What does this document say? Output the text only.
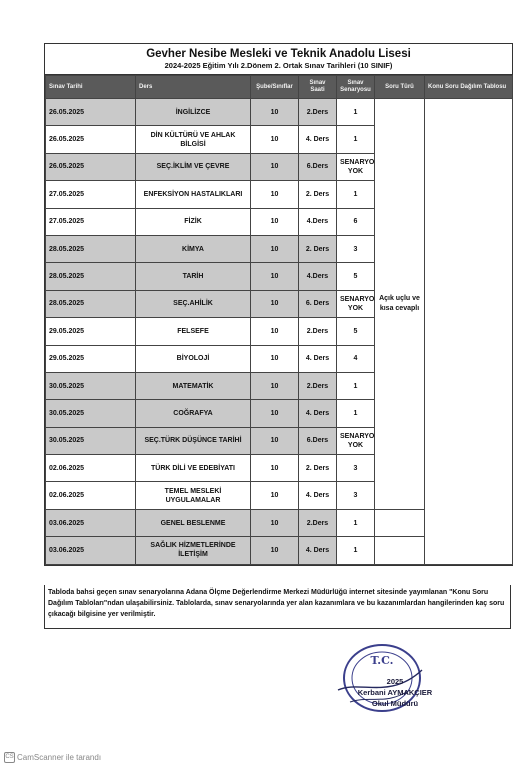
Gevher Nesibe Mesleki ve Teknik Anadolu Lisesi
2024-2025 Eğitim Yılı 2.Dönem 2. Ortak Sınav Tarihleri (10 SINIF)
Sınav Tarihi	Ders	Şube/Sınıflar	Sınav Saati	Sınav Senaryosu	Soru Türü	Konu Soru Dağılım Tablosu
26.05.2025	İNGİLİZCE	10	2.Ders	1	Açık uçlu ve kısa cevaplı	
26.05.2025	DİN KÜLTÜRÜ VE AHLAK BİLGİSİ	10	4. Ders	1		
26.05.2025	SEÇ.İKLİM VE ÇEVRE	10	6.Ders	SENARYO YOK		
27.05.2025	ENFEKSİYON HASTALIKLARI	10	2. Ders	1		
27.05.2025	FİZİK	10	4.Ders	6		
28.05.2025	KİMYA	10	2. Ders	3		
28.05.2025	TARİH	10	4.Ders	5		
28.05.2025	SEÇ.AHİLİK	10	6. Ders	SENARYO YOK		
29.05.2025	FELSEFE	10	2.Ders	5		
29.05.2025	BİYOLOJİ	10	4. Ders	4		
30.05.2025	MATEMATİK	10	2.Ders	1		
30.05.2025	COĞRAFYA	10	4. Ders	1		
30.05.2025	SEÇ.TÜRK DÜŞÜNCE TARİHİ	10	6.Ders	SENARYO YOK		
02.06.2025	TÜRK DİLİ VE EDEBİYATI	10	2. Ders	3		
02.06.2025	TEMEL MESLEKİ UYGULAMALAR	10	4. Ders	3		
03.06.2025	GENEL BESLENME	10	2.Ders	1		
03.06.2025	SAĞLIK HİZMETLERİNDE İLETİŞİM	10	4. Ders	1		
Tabloda bahsi geçen sınav senaryolarına Adana Ölçme Değerlendirme Merkezi Müdürlüğü internet sitesinde yayımlanan "Konu Soru Dağılım Tabloları"ndan ulaşabilirsiniz. Tablolarda, sınav senaryolarında yer alan kazanımlara ve bu kazanımlardan hangilerinden kaç soru çıkacağı bilgisine yer verilmiştir.
T.C.
2025
Kerbani AYMAKÇIER
Okul Müdürü
CS CamScanner ile tarandı
